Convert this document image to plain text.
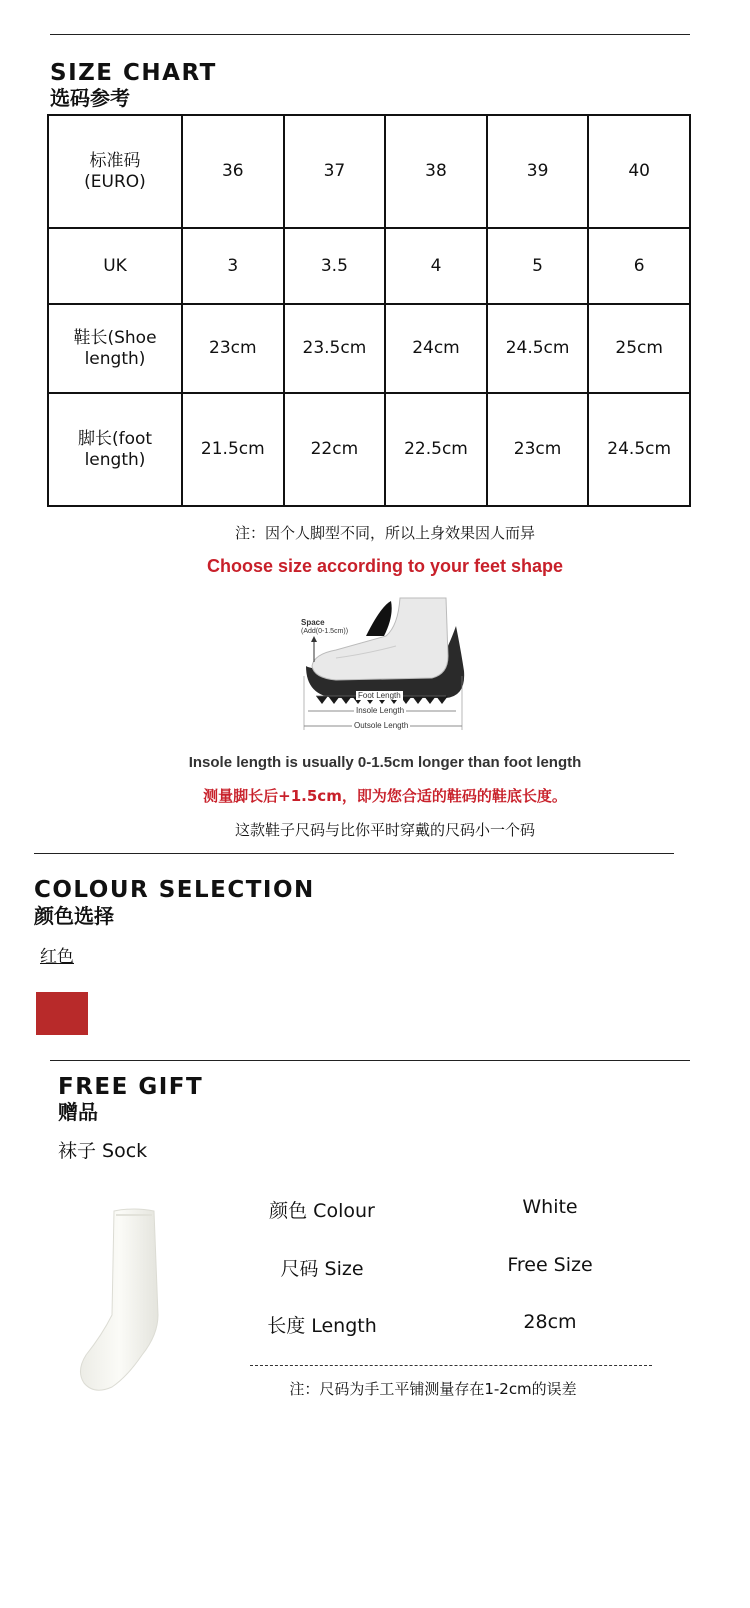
SIZE CHART
选码参考
标准码
(EURO)	36	37	38	39	40
UK	3	3.5	4	5	6
鞋长(Shoe
length)	23cm	23.5cm	24cm	24.5cm	25cm
脚长(foot
length)	21.5cm	22cm	22.5cm	23cm	24.5cm
注：因个人脚型不同，所以上身效果因人而异
Choose size according to your feet shape
Space
(Add(0-1.5cm))
Foot Length
Insole Length
Outsole Length
Insole length is usually 0-1.5cm longer than foot length
测量脚长后+1.5cm，即为您合适的鞋码的鞋底长度。
这款鞋子尺码与比你平时穿戴的尺码小一个码
COLOUR SELECTION
颜色选择
红色
FREE GIFT
赠品
袜子 Sock
颜色 Colour	White
尺码 Size	Free Size
长度 Length	28cm
注：尺码为手工平铺测量存在1-2cm的误差
